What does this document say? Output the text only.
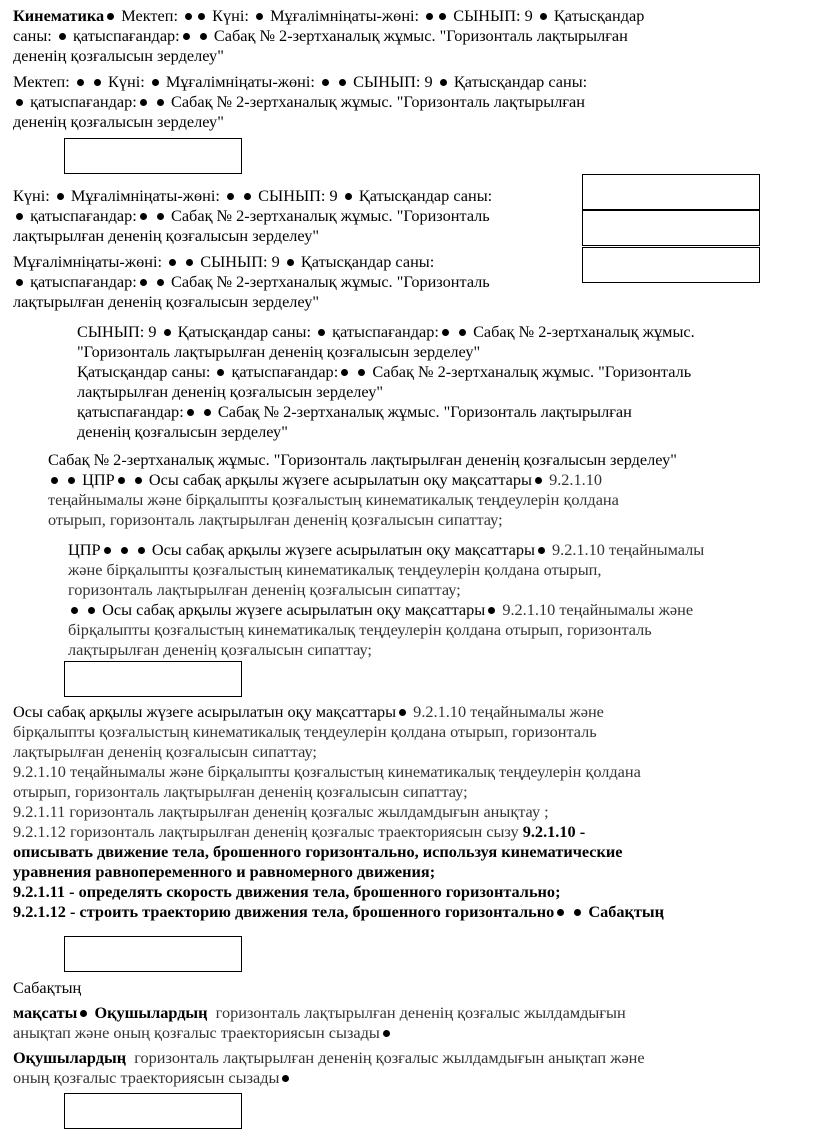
Кинематика Мектеп: Күні: Мұғалімніңаты-жөні: СЫНЫП: 9 Қатысқандар
саны: қатыспағандар: Сабақ № 2-зертханалық жұмыс. "Горизонталь лақтырылған
дененің қозғалысын зерделеу"
Мектеп: Күні: Мұғалімніңаты-жөні: СЫНЫП: 9 Қатысқандар саны:
қатыспағандар: Сабақ № 2-зертханалық жұмыс. "Горизонталь лақтырылған
дененің қозғалысын зерделеу"
Күні: Мұғалімніңаты-жөні: СЫНЫП: 9 Қатысқандар саны:
қатыспағандар: Сабақ № 2-зертханалық жұмыс. "Горизонталь
лақтырылған дененің қозғалысын зерделеу"
Мұғалімніңаты-жөні: СЫНЫП: 9 Қатысқандар саны:
қатыспағандар: Сабақ № 2-зертханалық жұмыс. "Горизонталь
лақтырылған дененің қозғалысын зерделеу"
СЫНЫП: 9 Қатысқандар саны: қатыспағандар: Сабақ № 2-зертханалық жұмыс.
"Горизонталь лақтырылған дененің қозғалысын зерделеу"
Қатысқандар саны: қатыспағандар: Сабақ № 2-зертханалық жұмыс. "Горизонталь
лақтырылған дененің қозғалысын зерделеу"
қатыспағандар: Сабақ № 2-зертханалық жұмыс. "Горизонталь лақтырылған
дененің қозғалысын зерделеу"
Сабақ № 2-зертханалық жұмыс. "Горизонталь лақтырылған дененің қозғалысын зерделеу"
ЦПР Осы сабақ арқылы жүзеге асырылатын оқу мақсаттары 9.2.1.10
теңайнымалы және бірқалыпты қозғалыстың кинематикалық теңдеулерін қолдана
отырып, горизонталь лақтырылған дененің қозғалысын сипаттау;
ЦПР	Осы сабақ арқылы жүзеге асырылатын оқу мақсаттары 9.2.1.10 теңайнымалы
және бірқалыпты қозғалыстың кинематикалық теңдеулерін қолдана отырып,
горизонталь лақтырылған дененің қозғалысын сипаттау;
Осы сабақ арқылы жүзеге асырылатын оқу мақсаттары 9.2.1.10 теңайнымалы және
бірқалыпты қозғалыстың кинематикалық теңдеулерін қолдана отырып, горизонталь
лақтырылған дененің қозғалысын сипаттау;
Осы сабақ арқылы жүзеге асырылатын оқу мақсаттары 9.2.1.10 теңайнымалы және
бірқалыпты қозғалыстың кинематикалық теңдеулерін қолдана отырып, горизонталь
лақтырылған дененің қозғалысын сипаттау;
9.2.1.10 теңайнымалы және бірқалыпты қозғалыстың кинематикалық теңдеулерін қолдана
отырып, горизонталь лақтырылған дененің қозғалысын сипаттау;
9.2.1.11 горизонталь лақтырылған дененің қозғалыс жылдамдығын анықтау ;
9.2.1.12 горизонталь лақтырылған дененің қозғалыс траекториясын сызу 9.2.1.10 -
описывать движение тела, брошенного горизонтально, используя кинематические
уравнения равнопеременного и равномерного движения;
9.2.1.11 - определять скорость движения тела, брошенного горизонтально;
9.2.1.12 - строить траекторию движения тела, брошенного горизонтально Сабақтың
Сабақтың
мақсаты Оқушылардың горизонталь лақтырылған дененің қозғалыс жылдамдығын
анықтап және оның қозғалыс траекториясын сызады
Оқушылардың горизонталь лақтырылған дененің қозғалыс жылдамдығын анықтап және
оның қозғалыс траекториясын сызады
